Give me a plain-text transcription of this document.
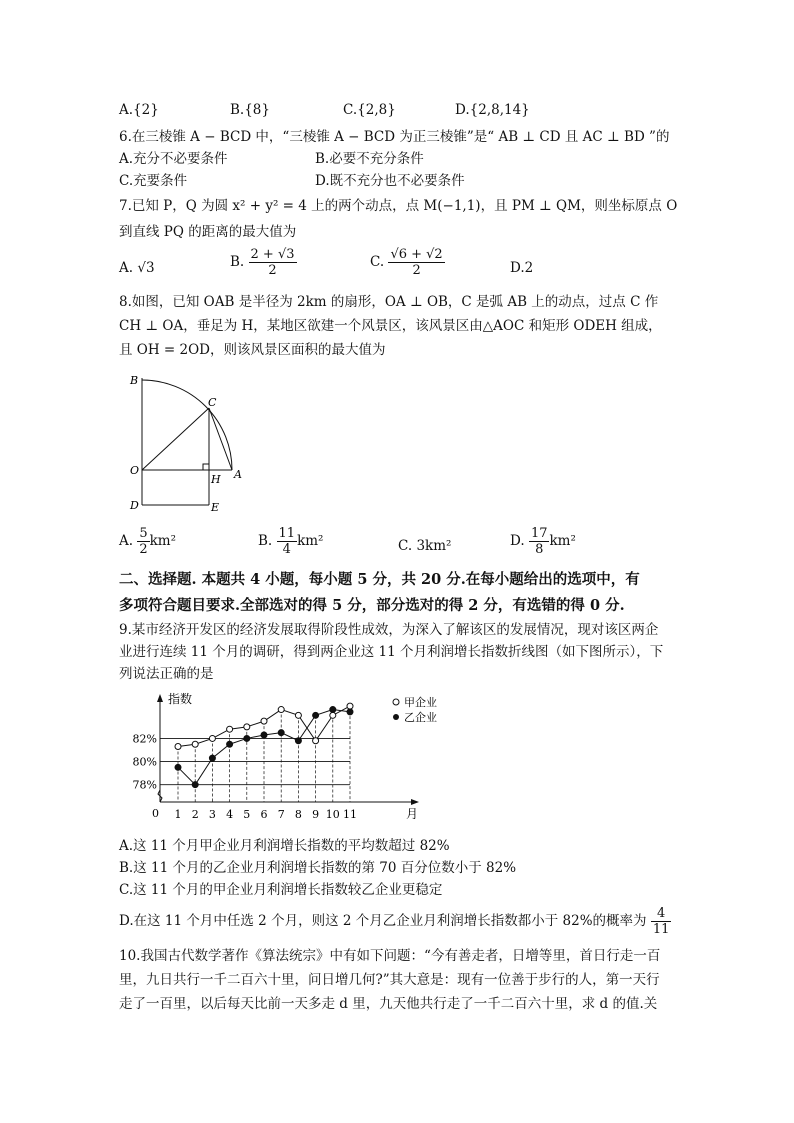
A.{2}	B.{8}	C.{2,8}	D.{2,8,14}
6.在三棱锥 A − BCD 中，“三棱锥 A − BCD 为正三棱锥”是“ AB ⊥ CD 且 AC ⊥ BD ”的
A.充分不必要条件	B.必要不充分条件
C.充要条件	D.既不充分也不必要条件
7.已知 P，Q 为圆 x² + y² = 4 上的两个动点，点 M(−1,1)，且 PM ⊥ QM，则坐标原点 O
到直线 PQ 的距离的最大值为
A. √3	B. $\frac{2 + √3}{2}$	C. $\frac{√6 + √2}{2}$	D.2
8.如图，已知 OAB 是半径为 2km 的扇形，OA ⊥ OB，C 是弧 AB 上的动点，过点 C 作
CH ⊥ OA，垂足为 H，某地区欲建一个风景区，该风景区由△AOC 和矩形 ODEH 组成，
且 OH = 2OD，则该风景区面积的最大值为
B
C
O
H A
D	E
A. $\frac{5}{2} km^2$	B. $\frac{11}{4} km^2$	C. 3km²	D. $\frac{17}{8} km^2$
二、选择题. 本题共 4 小题，每小题 5 分，共 20 分.在每小题给出的选项中，有
多项符合题目要求.全部选对的得 5 分，部分选对的得 2 分，有选错的得 0 分.
9.某市经济开发区的经济发展取得阶段性成效，为深入了解该区的发展情况，现对该区两企
业进行连续 11 个月的调研，得到两企业这 11 个月利润增长指数折线图（如下图所示），下
列说法正确的是
指数
月
0
82%
80%
78%
1 2 3 4 5 6 7 8 9 10 11
甲企业
乙企业
A.这 11 个月甲企业月利润增长指数的平均数超过 82%
B.这 11 个月的乙企业月利润增长指数的第 70 百分位数小于 82%
C.这 11 个月的甲企业月利润增长指数较乙企业更稳定
D.在这 11 个月中任选 2 个月，则这 2 个月乙企业月利润增长指数都小于 82%的概率为 $\frac{4}{11}$
10.我国古代数学著作《算法统宗》中有如下问题：“今有善走者，日增等里，首日行走一百
里，九日共行一千二百六十里，问日增几何?”其大意是：现有一位善于步行的人，第一天行
走了一百里，以后每天比前一天多走 d 里，九天他共行走了一千二百六十里，求 d 的值.关
